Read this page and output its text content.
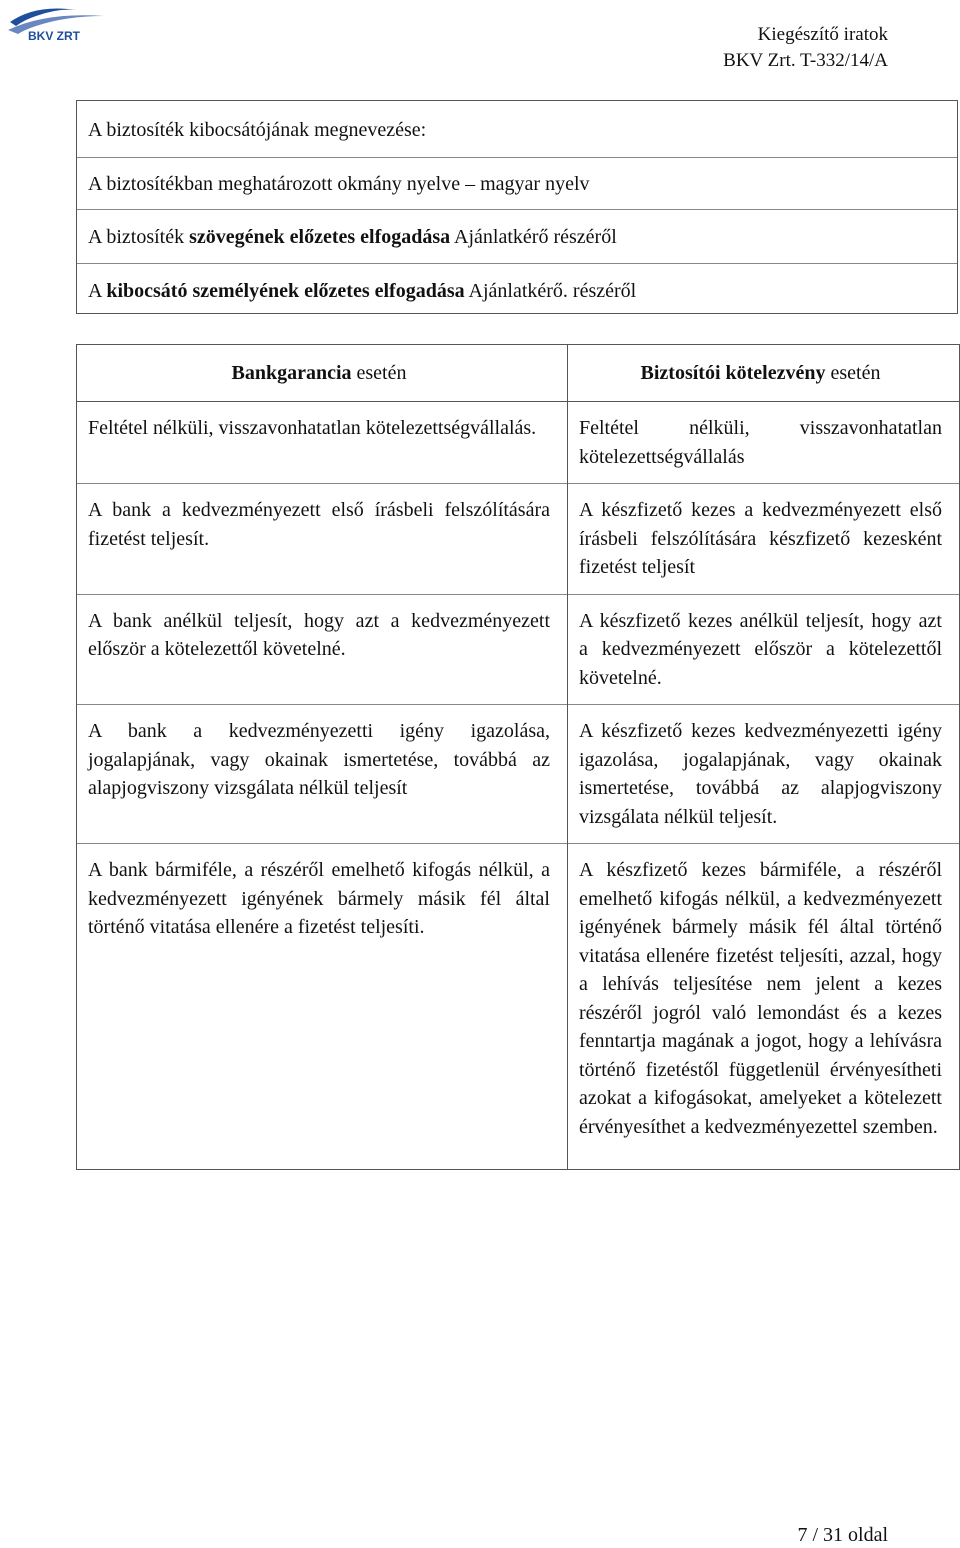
BKV ZRT	Kiegészítő iratok
BKV Zrt. T-332/14/A
A biztosíték kibocsátójának megnevezése:
A biztosítékban meghatározott okmány nyelve – magyar nyelv
A biztosíték szövegének előzetes elfogadása Ajánlatkérő részéről
A kibocsátó személyének előzetes elfogadása Ajánlatkérő. részéről
Bankgarancia esetén	Biztosítói kötelezvény esetén

Feltétel nélküli, visszavonhatatlan kötelezettségvállalás.	Feltétel nélküli, visszavonhatatlan kötelezettségvállalás

A bank a kedvezményezett első írásbeli felszólítására fizetést teljesít.	A készfizető kezes a kedvezményezett első írásbeli felszólítására készfizető kezesként fizetést teljesít

A bank anélkül teljesít, hogy azt a kedvezményezett először a kötelezettől követelné.	A készfizető kezes anélkül teljesít, hogy azt a kedvezményezett először a kötelezettől követelné.

A bank a kedvezményezetti igény igazolása, jogalapjának, vagy okainak ismertetése, továbbá az alapjogviszony vizsgálata nélkül teljesít	A készfizető kezes kedvezményezetti igény igazolása, jogalapjának, vagy okainak ismertetése, továbbá az alapjogviszony vizsgálata nélkül teljesít.

A bank bármiféle, a részéről emelhető kifogás nélkül, a kedvezményezett igényének bármely másik fél által történő vitatása ellenére a fizetést teljesíti.	A készfizető kezes bármiféle, a részéről emelhető kifogás nélkül, a kedvezményezett igényének bármely másik fél által történő vitatása ellenére fizetést teljesíti, azzal, hogy a lehívás teljesítése nem jelent a kezes részéről jogról való lemondást és a kezes fenntartja magának a jogot, hogy a lehívásra történő fizetéstől függetlenül érvényesítheti azokat a kifogásokat, amelyeket a kötelezett érvényesíthet a kedvezményezettel szemben.
7 / 31 oldal
